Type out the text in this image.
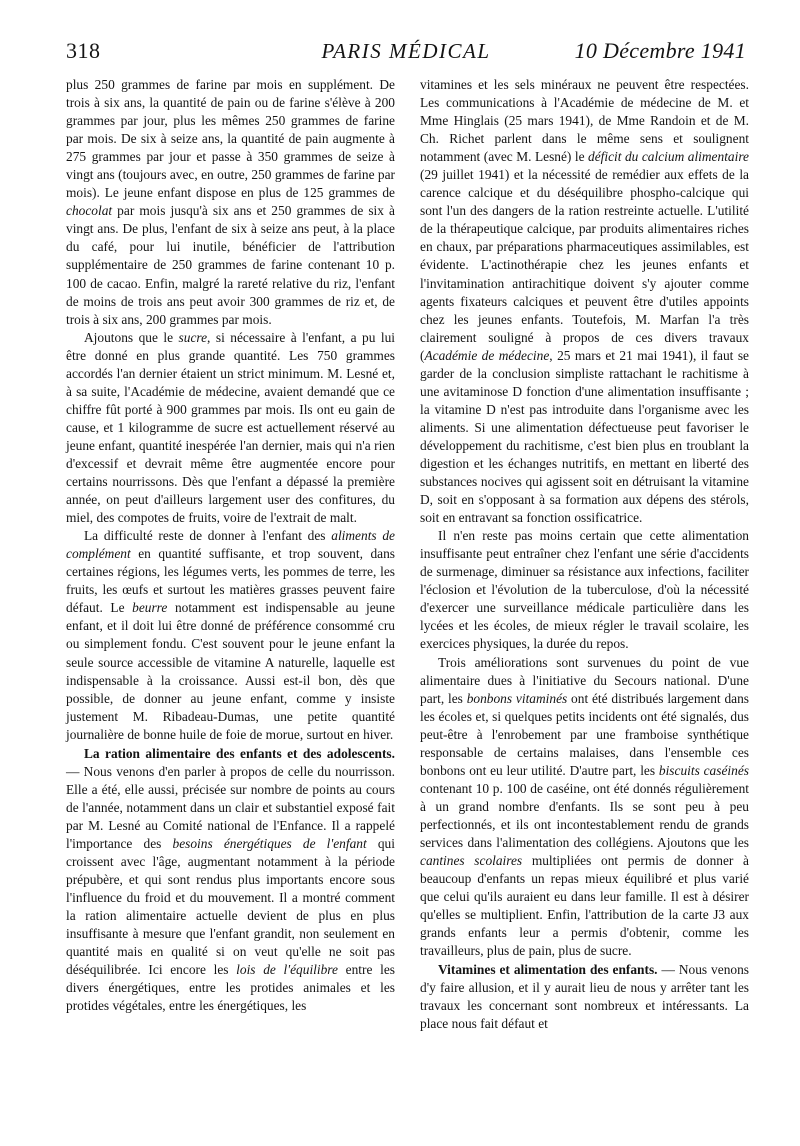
318	PARIS MÉDICAL	10 Décembre 1941

plus 250 grammes de farine par mois en supplément. De trois à six ans, la quantité de pain ou de farine s'élève à 200 grammes par jour, plus les mêmes 250 grammes de farine par mois. De six à seize ans, la quantité de pain augmente à 275 grammes par jour et passe à 350 grammes de seize à vingt ans (toujours avec, en outre, 250 grammes de farine par mois). Le jeune enfant dispose en plus de 125 grammes de chocolat par mois jusqu'à six ans et 250 grammes de six à vingt ans. De plus, l'enfant de six à seize ans peut, à la place du café, pour lui inutile, bénéficier de l'attribution supplémentaire de 250 grammes de farine contenant 10 p. 100 de cacao. Enfin, malgré la rareté relative du riz, l'enfant de moins de trois ans peut avoir 300 grammes de riz et, de trois à six ans, 200 grammes par mois.

Ajoutons que le sucre, si nécessaire à l'enfant, a pu lui être donné en plus grande quantité. Les 750 grammes accordés l'an dernier étaient un strict minimum. M. Lesné et, à sa suite, l'Académie de médecine, avaient demandé que ce chiffre fût porté à 900 grammes par mois. Ils ont eu gain de cause, et 1 kilogramme de sucre est actuellement réservé au jeune enfant, quantité inespérée l'an dernier, mais qui n'a rien d'excessif et devrait même être augmentée encore pour certains nourrissons. Dès que l'enfant a dépassé la première année, on peut d'ailleurs largement user des confitures, du miel, des compotes de fruits, voire de l'extrait de malt.

La difficulté reste de donner à l'enfant des aliments de complément en quantité suffisante, et trop souvent, dans certaines régions, les légumes verts, les pommes de terre, les fruits, les œufs et surtout les matières grasses peuvent faire défaut. Le beurre notamment est indispensable au jeune enfant, et il doit lui être donné de préférence consommé cru ou simplement fondu. C'est souvent pour le jeune enfant la seule source accessible de vitamine A naturelle, laquelle est indispensable à la croissance. Aussi est-il bon, dès que possible, de donner au jeune enfant, comme y insiste justement M. Ribadeau-Dumas, une petite quantité journalière de bonne huile de foie de morue, surtout en hiver.

La ration alimentaire des enfants et des adolescents. — Nous venons d'en parler à propos de celle du nourrisson. Elle a été, elle aussi, précisée sur nombre de points au cours de l'année, notamment dans un clair et substantiel exposé fait par M. Lesné au Comité national de l'Enfance. Il a rappelé l'importance des besoins énergétiques de l'enfant qui croissent avec l'âge, augmentant notamment à la période prépubère, et qui sont rendus plus importants encore sous l'influence du froid et du mouvement. Il a montré comment la ration alimentaire actuelle devient de plus en plus insuffisante à mesure que l'enfant grandit, non seulement en quantité mais en qualité si on veut qu'elle ne soit pas déséquilibrée. Ici encore les lois de l'équilibre entre les divers énergétiques, entre les protides animales et les protides végétales, entre les énergétiques, les

vitamines et les sels minéraux ne peuvent être respectées. Les communications à l'Académie de médecine de M. et Mme Hinglais (25 mars 1941), de Mme Randoin et de M. Ch. Richet parlent dans le même sens et soulignent notamment (avec M. Lesné) le déficit du calcium alimentaire (29 juillet 1941) et la nécessité de remédier aux effets de la carence calcique et du déséquilibre phospho-calcique qui sont l'un des dangers de la ration restreinte actuelle. L'utilité de la thérapeutique calcique, par produits alimentaires riches en chaux, par préparations pharmaceutiques assimilables, est évidente. L'actinothérapie chez les jeunes enfants et l'invitamination antirachitique doivent s'y ajouter comme agents fixateurs calciques et peuvent être d'utiles appoints chez les jeunes enfants. Toutefois, M. Marfan l'a très clairement souligné à propos de ces divers travaux (Académie de médecine, 25 mars et 21 mai 1941), il faut se garder de la conclusion simpliste rattachant le rachitisme à une avitaminose D fonction d'une alimentation insuffisante ; la vitamine D n'est pas introduite dans l'organisme avec les aliments. Si une alimentation défectueuse peut favoriser le développement du rachitisme, c'est bien plus en troublant la digestion et les échanges nutritifs, en mettant en liberté des substances nocives qui agissent soit en détruisant la vitamine D, soit en s'opposant à sa formation aux dépens des stérols, soit en entravant sa fonction ossificatrice.

Il n'en reste pas moins certain que cette alimentation insuffisante peut entraîner chez l'enfant une série d'accidents de surmenage, diminuer sa résistance aux infections, faciliter l'éclosion et l'évolution de la tuberculose, d'où la nécessité d'exercer une surveillance médicale particulière dans les lycées et les écoles, de mieux régler le travail scolaire, les exercices physiques, la durée du repos.

Trois améliorations sont survenues du point de vue alimentaire dues à l'initiative du Secours national. D'une part, les bonbons vitaminés ont été distribués largement dans les écoles et, si quelques petits incidents ont été signalés, dus peut-être à l'enrobement par une framboise synthétique responsable de certains malaises, dans l'ensemble ces bonbons ont eu leur utilité. D'autre part, les biscuits caséinés contenant 10 p. 100 de caséine, ont été donnés régulièrement à un grand nombre d'enfants. Ils se sont peu à peu perfectionnés, et ils ont incontestablement rendu de grands services dans l'alimentation des collégiens. Ajoutons que les cantines scolaires multipliées ont permis de donner à beaucoup d'enfants un repas mieux équilibré et plus varié que celui qu'ils auraient eu dans leur famille. Il est à désirer qu'elles se multiplient. Enfin, l'attribution de la carte J3 aux grands enfants leur a permis d'obtenir, comme les travailleurs, plus de pain, plus de sucre.

Vitamines et alimentation des enfants. — Nous venons d'y faire allusion, et il y aurait lieu de nous y arrêter tant les travaux les concernant sont nombreux et intéressants. La place nous fait défaut et
